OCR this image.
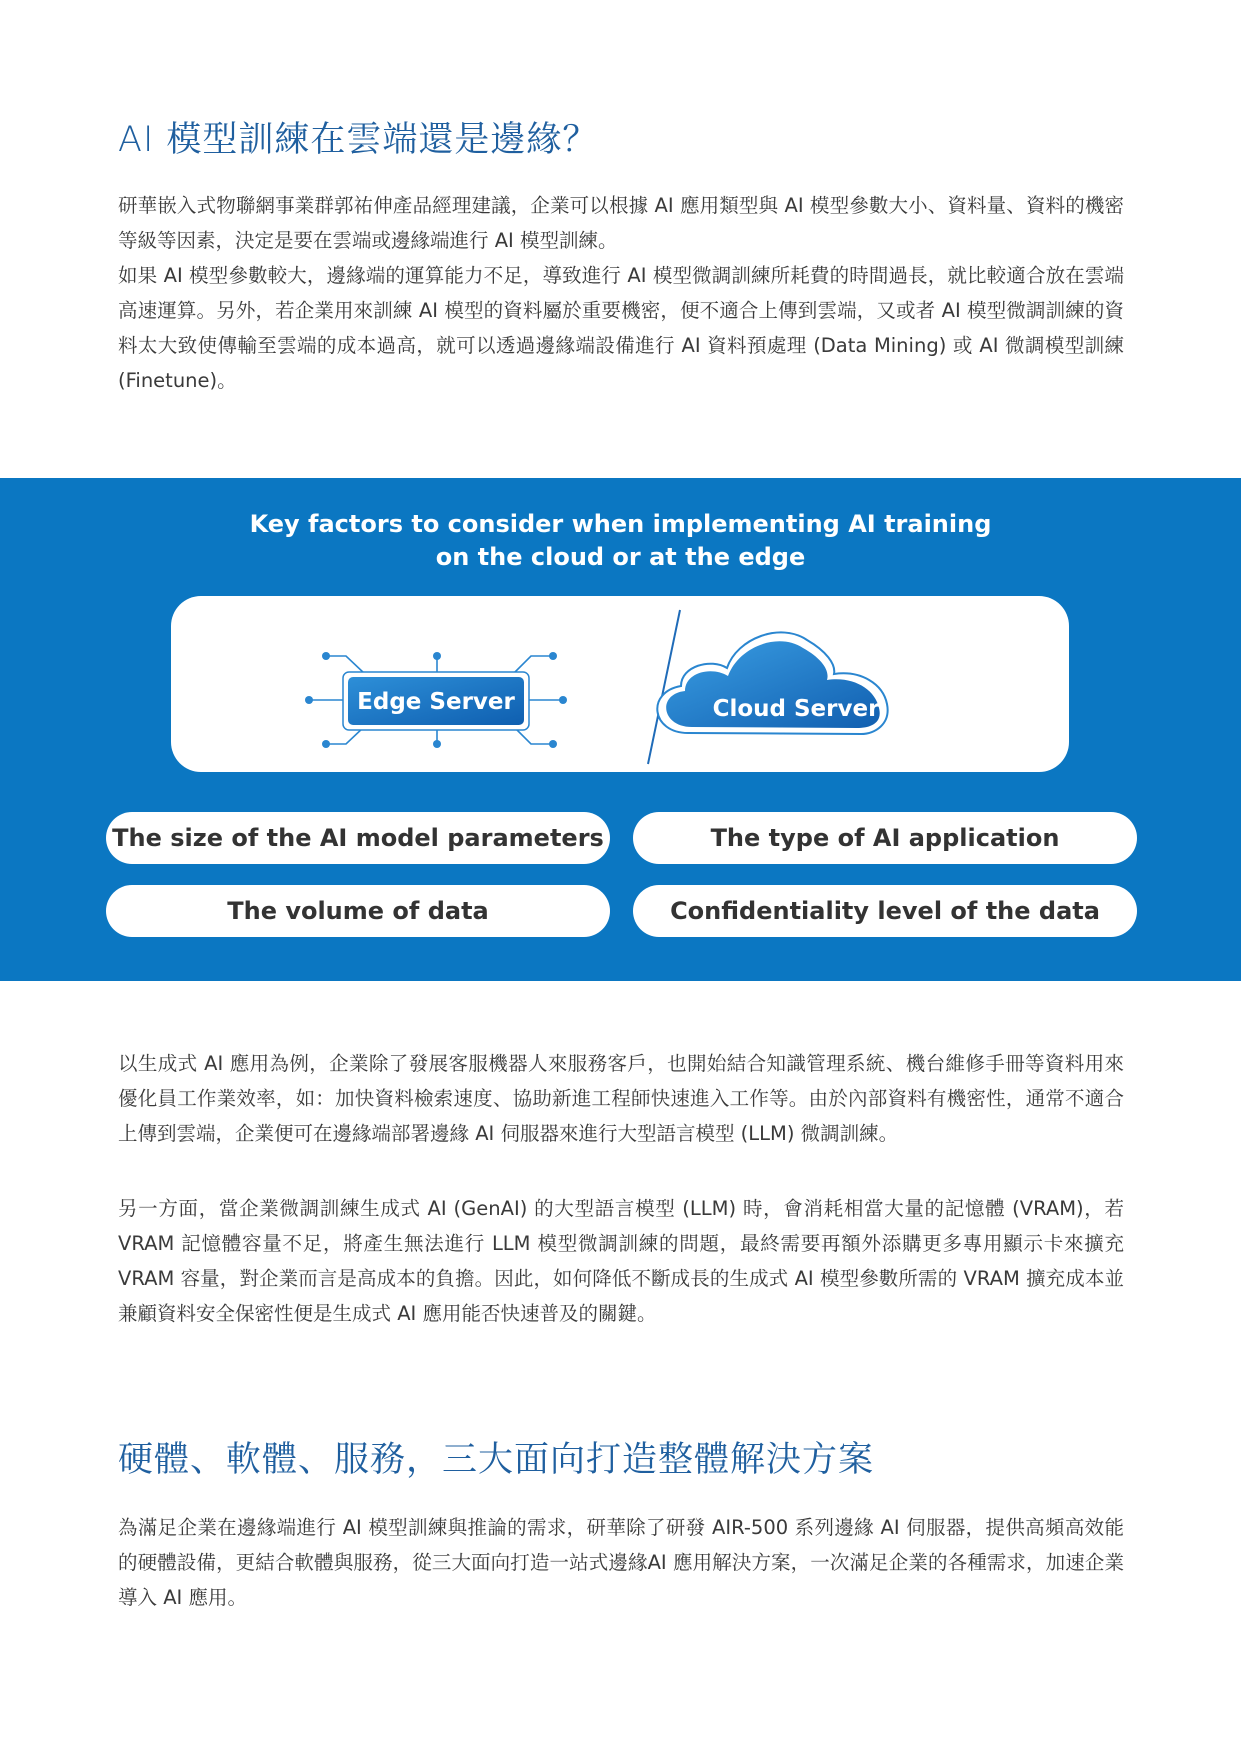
AI 模型訓練在雲端還是邊緣？

研華嵌入式物聯網事業群郭祐伸產品經理建議，企業可以根據 AI 應用類型與 AI 模型參數大小、資料量、資料的機密等級等因素，決定是要在雲端或邊緣端進行 AI 模型訓練。

如果 AI 模型參數較大，邊緣端的運算能力不足，導致進行 AI 模型微調訓練所耗費的時間過長，就比較適合放在雲端高速運算。另外，若企業用來訓練 AI 模型的資料屬於重要機密，便不適合上傳到雲端，又或者 AI 模型微調訓練的資料太大致使傳輸至雲端的成本過高，就可以透過邊緣端設備進行 AI 資料預處理 (Data Mining) 或 AI 微調模型訓練 (Finetune)。

Key factors to consider when implementing AI training
on the cloud or at the edge
Edge Server	Cloud Server
The size of the AI model parameters	The type of AI application
The volume of data	Confidentiality level of the data

以生成式 AI 應用為例，企業除了發展客服機器人來服務客戶，也開始結合知識管理系統、機台維修手冊等資料用來優化員工作業效率，如：加快資料檢索速度、協助新進工程師快速進入工作等。由於內部資料有機密性，通常不適合上傳到雲端，企業便可在邊緣端部署邊緣 AI 伺服器來進行大型語言模型 (LLM) 微調訓練。

另一方面，當企業微調訓練生成式 AI (GenAI) 的大型語言模型 (LLM) 時，會消耗相當大量的記憶體 (VRAM)，若 VRAM 記憶體容量不足，將產生無法進行 LLM 模型微調訓練的問題，最終需要再額外添購更多專用顯示卡來擴充 VRAM 容量，對企業而言是高成本的負擔。因此，如何降低不斷成長的生成式 AI 模型參數所需的 VRAM 擴充成本並兼顧資料安全保密性便是生成式 AI 應用能否快速普及的關鍵。

硬體、軟體、服務，三大面向打造整體解決方案

為滿足企業在邊緣端進行 AI 模型訓練與推論的需求，研華除了研發 AIR-500 系列邊緣 AI 伺服器，提供高頻高效能的硬體設備，更結合軟體與服務，從三大面向打造一站式邊緣AI 應用解決方案，一次滿足企業的各種需求，加速企業導入 AI 應用。
